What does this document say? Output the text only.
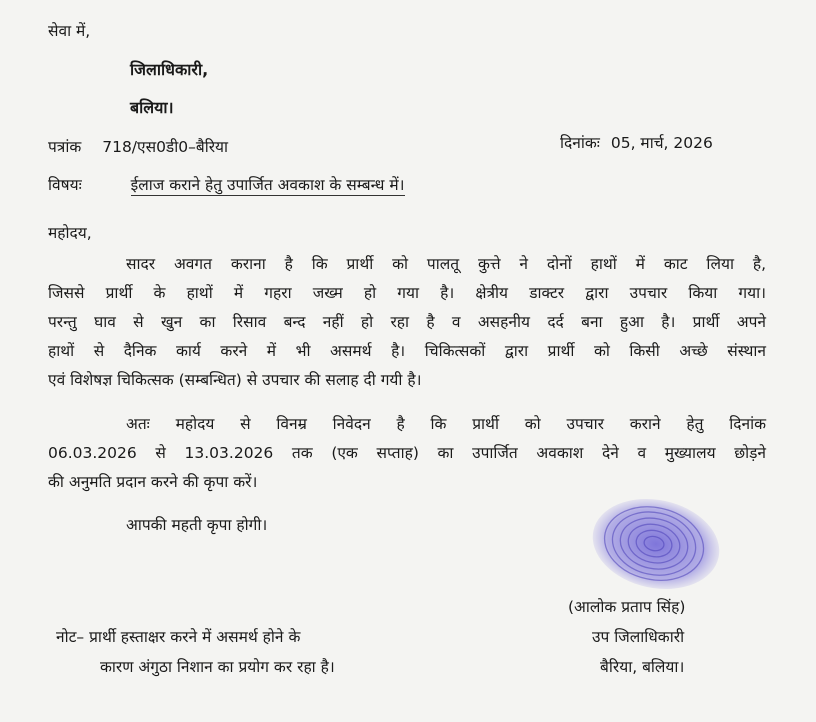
सेवा में,
जिलाधिकारी,
बलिया।
पत्रांक 718/एस0डी0–बैरिया	दिनांकः 05, मार्च, 2026
विषयः	ईलाज कराने हेतु उपार्जित अवकाश के सम्बन्ध में।
महोदय,
सादर अवगत कराना है कि प्रार्थी को पालतू कुत्ते ने दोनों हाथों में काट लिया है,
जिससे प्रार्थी के हाथों में गहरा जख्म हो गया है। क्षेत्रीय डाक्टर द्वारा उपचार किया गया।
परन्तु घाव से खुन का रिसाव बन्द नहीं हो रहा है व असहनीय दर्द बना हुआ है। प्रार्थी अपने
हाथों से दैनिक कार्य करने में भी असमर्थ है। चिकित्सकों द्वारा प्रार्थी को किसी अच्छे संस्थान
एवं विशेषज्ञ चिकित्सक (सम्बन्धित) से उपचार की सलाह दी गयी है।
अतः महोदय से विनम्र निवेदन है कि प्रार्थी को उपचार कराने हेतु दिनांक
06.03.2026 से 13.03.2026 तक (एक सप्ताह) का उपार्जित अवकाश देने व मुख्यालय छोड़ने
की अनुमति प्रदान करने की कृपा करें।
आपकी महती कृपा होगी।
(आलोक प्रताप सिंह)
उप जिलाधिकारी
बैरिया, बलिया।
नोट– प्रार्थी हस्ताक्षर करने में असमर्थ होने के
कारण अंगुठा निशान का प्रयोग कर रहा है।
